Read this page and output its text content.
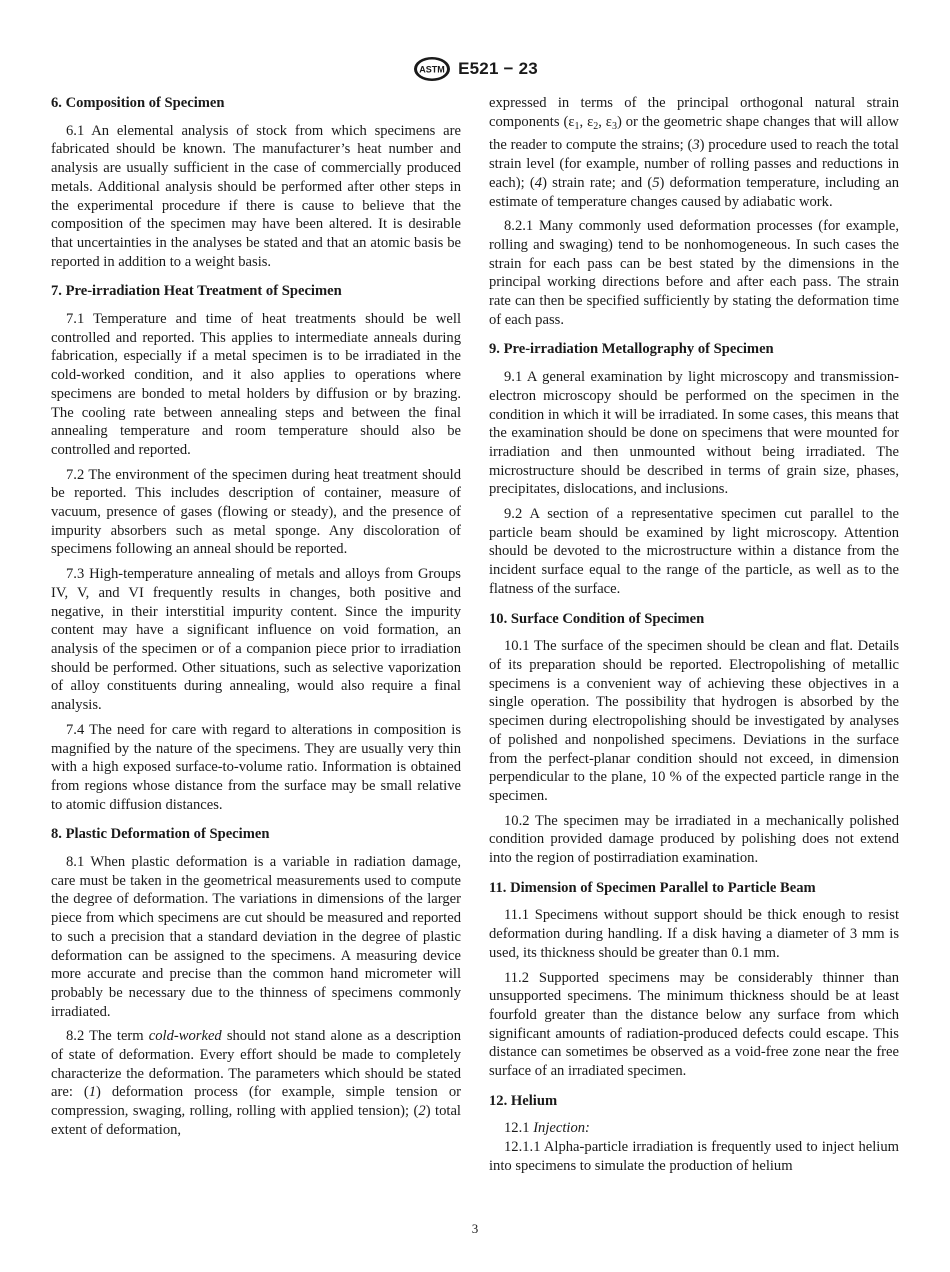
ASTM E521 − 23
6. Composition of Specimen

6.1 An elemental analysis of stock from which specimens are fabricated should be known. The manufacturer’s heat number and analysis are usually sufficient in the case of commercially produced metals. Additional analysis should be performed after other steps in the experimental procedure if there is cause to believe that the composition of the specimen may have been altered. It is desirable that uncertainties in the analyses be stated and that an atomic basis be reported in addition to a weight basis.

7. Pre-irradiation Heat Treatment of Specimen

7.1 Temperature and time of heat treatments should be well controlled and reported. This applies to intermediate anneals during fabrication, especially if a metal specimen is to be irradiated in the cold-worked condition, and it also applies to operations where specimens are bonded to metal holders by diffusion or by brazing. The cooling rate between annealing steps and between the final annealing temperature and room temperature should also be controlled and reported.

7.2 The environment of the specimen during heat treatment should be reported. This includes description of container, measure of vacuum, presence of gases (flowing or steady), and the presence of impurity absorbers such as metal sponge. Any discoloration of specimens following an anneal should be reported.

7.3 High-temperature annealing of metals and alloys from Groups IV, V, and VI frequently results in changes, both positive and negative, in their interstitial impurity content. Since the impurity content may have a significant influence on void formation, an analysis of the specimen or of a companion piece prior to irradiation should be performed. Other situations, such as selective vaporization of alloy constituents during annealing, would also require a final analysis.

7.4 The need for care with regard to alterations in composition is magnified by the nature of the specimens. They are usually very thin with a high exposed surface-to-volume ratio. Information is obtained from regions whose distance from the surface may be small relative to atomic diffusion distances.

8. Plastic Deformation of Specimen

8.1 When plastic deformation is a variable in radiation damage, care must be taken in the geometrical measurements used to compute the degree of deformation. The variations in dimensions of the larger piece from which specimens are cut should be measured and reported to such a precision that a standard deviation in the degree of plastic deformation can be assigned to the specimens. A measuring device more accurate and precise than the common hand micrometer will probably be necessary due to the thinness of specimens commonly irradiated.

8.2 The term cold-worked should not stand alone as a description of state of deformation. Every effort should be made to completely characterize the deformation. The parameters which should be stated are: (1) deformation process (for example, simple tension or compression, swaging, rolling, rolling with applied tension); (2) total extent of deformation,

expressed in terms of the principal orthogonal natural strain components ($\varepsilon_1$, $\varepsilon_2$, $\varepsilon_3$) or the geometric shape changes that will allow the reader to compute the strains; (3) procedure used to reach the total strain level (for example, number of rolling passes and reductions in each); (4) strain rate; and (5) deformation temperature, including an estimate of temperature changes caused by adiabatic work.

8.2.1 Many commonly used deformation processes (for example, rolling and swaging) tend to be nonhomogeneous. In such cases the strain for each pass can be best stated by the dimensions in the principal working directions before and after each pass. The strain rate can then be specified sufficiently by stating the deformation time of each pass.

9. Pre-irradiation Metallography of Specimen

9.1 A general examination by light microscopy and transmission-electron microscopy should be performed on the specimen in the condition in which it will be irradiated. In some cases, this means that the examination should be done on specimens that were mounted for irradiation and then unmounted without being irradiated. The microstructure should be described in terms of grain size, phases, precipitates, dislocations, and inclusions.

9.2 A section of a representative specimen cut parallel to the particle beam should be examined by light microscopy. Attention should be devoted to the microstructure within a distance from the incident surface equal to the range of the particle, as well as to the flatness of the surface.

10. Surface Condition of Specimen

10.1 The surface of the specimen should be clean and flat. Details of its preparation should be reported. Electropolishing of metallic specimens is a convenient way of achieving these objectives in a single operation. The possibility that hydrogen is absorbed by the specimen during electropolishing should be investigated by analyses of polished and nonpolished specimens. Deviations in the surface from the perfect-planar condition should not exceed, in dimension perpendicular to the plane, 10 % of the expected particle range in the specimen.

10.2 The specimen may be irradiated in a mechanically polished condition provided damage produced by polishing does not extend into the region of postirradiation examination.

11. Dimension of Specimen Parallel to Particle Beam

11.1 Specimens without support should be thick enough to resist deformation during handling. If a disk having a diameter of 3 mm is used, its thickness should be greater than 0.1 mm.

11.2 Supported specimens may be considerably thinner than unsupported specimens. The minimum thickness should be at least fourfold greater than the distance below any surface from which significant amounts of radiation-produced defects could escape. This distance can sometimes be observed as a void-free zone near the free surface of an irradiated specimen.

12. Helium

12.1 Injection:

12.1.1 Alpha-particle irradiation is frequently used to inject helium into specimens to simulate the production of helium

3
